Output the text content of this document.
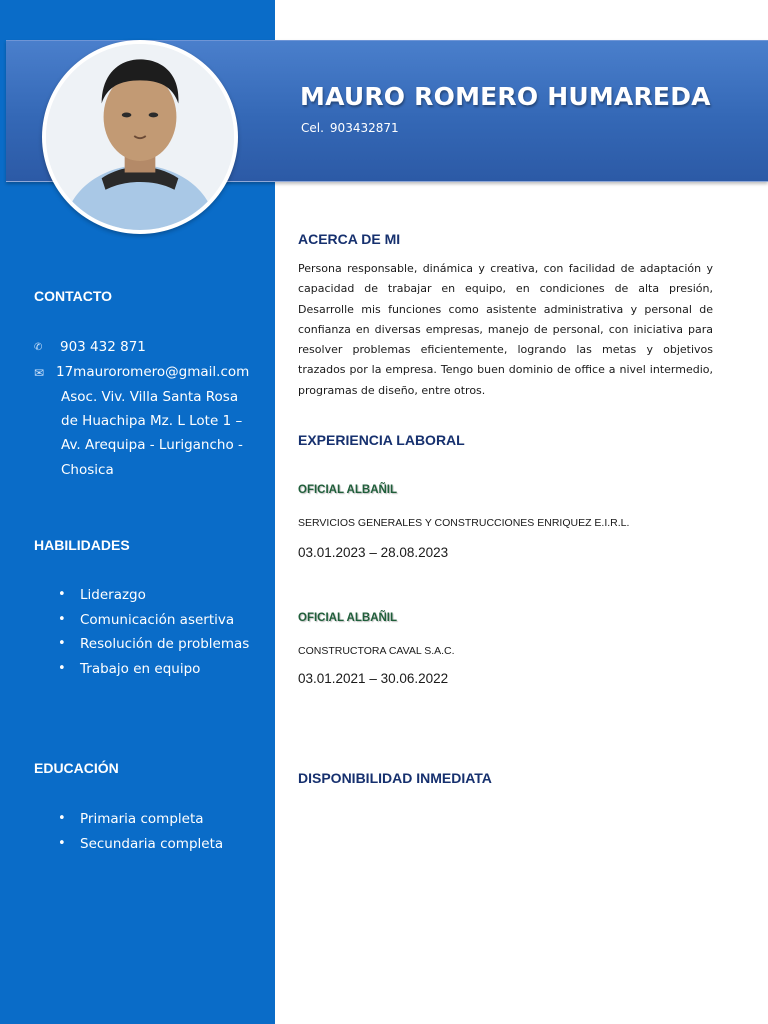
MAURO ROMERO HUMAREDA
Cel. 903432871
CONTACTO
✆ 903 432 871
✉ 17mauroromero@gmail.com
Asoc. Viv. Villa Santa Rosa
de Huachipa Mz. L Lote 1 –
Av. Arequipa - Lurigancho -
Chosica
HABILIDADES
• Liderazgo
• Comunicación asertiva
• Resolución de problemas
• Trabajo en equipo
EDUCACIÓN
• Primaria completa
• Secundaria completa
ACERCA DE MI
Persona responsable, dinámica y creativa, con facilidad de adaptación y capacidad de trabajar en equipo, en condiciones de alta presión, Desarrolle mis funciones como asistente administrativa y personal de confianza en diversas empresas, manejo de personal, con iniciativa para resolver problemas eficientemente, logrando las metas y objetivos trazados por la empresa. Tengo buen dominio de office a nivel intermedio, programas de diseño, entre otros.
EXPERIENCIA LABORAL
OFICIAL ALBAÑIL
SERVICIOS GENERALES Y CONSTRUCCIONES ENRIQUEZ E.I.R.L.
03.01.2023 – 28.08.2023
OFICIAL ALBAÑIL
CONSTRUCTORA CAVAL S.A.C.
03.01.2021 – 30.06.2022
DISPONIBILIDAD INMEDIATA
